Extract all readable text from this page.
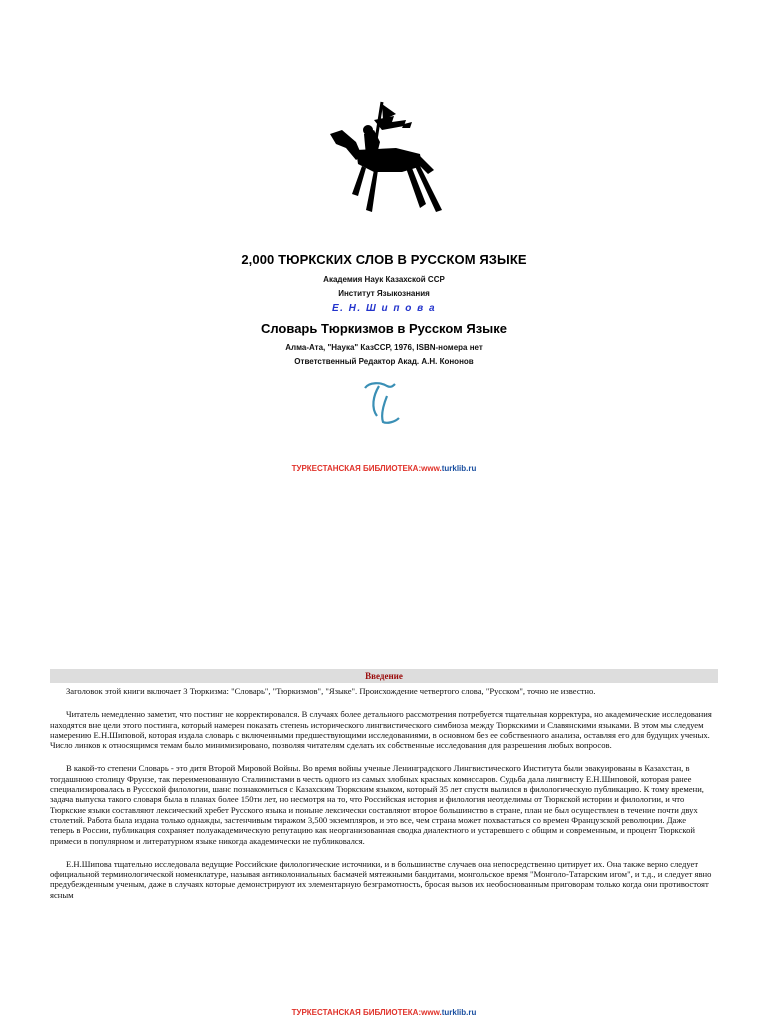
2,000 ТЮРКСКИХ СЛОВ В РУССКОМ ЯЗЫКЕ
Академия Наук Казахской ССР
Институт Языкознания
Е. Н. Ш и п о в а
Словарь Тюркизмов в Русском Языке
Алма-Ата, "Наука" КазССР, 1976, ISBN-номера нет
Ответственный Редактор Акад. А.Н. Кононов
ТУРКЕСТАНСКАЯ БИБЛИОТЕКА:www.turklib.ru
Введение

Заголовок этой книги включает 3 Тюркизма: "Словарь", "Тюркизмов", "Языке". Происхождение четвертого слова, "Русском", точно не известно.

Читатель немедленно заметит, что постинг не корректировался. В случаях более детального рассмотрения потребуется тщательная корректура, но академические исследования находятся вне цели этого постинга, который намерен показать степень исторического лингвистического симбиоза между Тюркскими и Славянскими языками. В этом мы следуем намерению Е.Н.Шиповой, которая издала словарь с включенными предшествующими исследованиями, в основном без ее собственного анализа, оставляя его для будущих ученых. Число линков к относящимся темам было минимизировано, позволяя читателям сделать их собственные исследования для разрешения любых вопросов.

В какой-то степени Словарь - это дитя Второй Мировой Войны. Во время войны ученые Ленинградского Лингвистического Института были эвакуированы в Казахстан, в тогдашнюю столицу Фрунзе, так переименованную Сталинистами в честь одного из самых злобных красных комиссаров. Судьба дала лингвисту Е.Н.Шиповой, которая ранее специализировалась в Руссской филологии, шанс познакомиться с Казахским Тюркским языком, который 35 лет спустя вылился в филологическую публикацию. К тому времени, задача выпуска такого словаря была в планах более 150ти лет, но несмотря на то, что Российская история и филология неотделимы от Тюркской истории и филологии, и что Тюркские языки составляют лексический хребет Русского языка и поныне лексически составляют второе большинство в стране, план не был осуществлен в течение почти двух столетий. Работа была издана только однажды, застенчивым тиражом 3,500 экземпляров, и это все, чем страна может похвастаться со времен Французской революции. Даже теперь в России, публикация сохраняет полуакадемическую репутацию как неорганизованная сводка диалектного и устаревшего с общим и современным, и процент Тюркской примеси в популярном и литературном языке никогда академически не публиковался.

Е.Н.Шипова тщательно исследовала ведущие Российские филологические источники, и в большинстве случаев она непосредственно цитирует их. Она также верно следует официальной терминологической номенклатуре, называя антиколониальных басмачей мятежными бандитами, монгольское время "Монголо-Татарским игом", и т.д., и следует явно предубежденным ученым, даже в случаях которые демонстрируют их элементарную безграмотность, бросая вызов их необоснованным приговорам только когда они противостоят ясным

ТУРКЕСТАНСКАЯ БИБЛИОТЕКА:www.turklib.ru
